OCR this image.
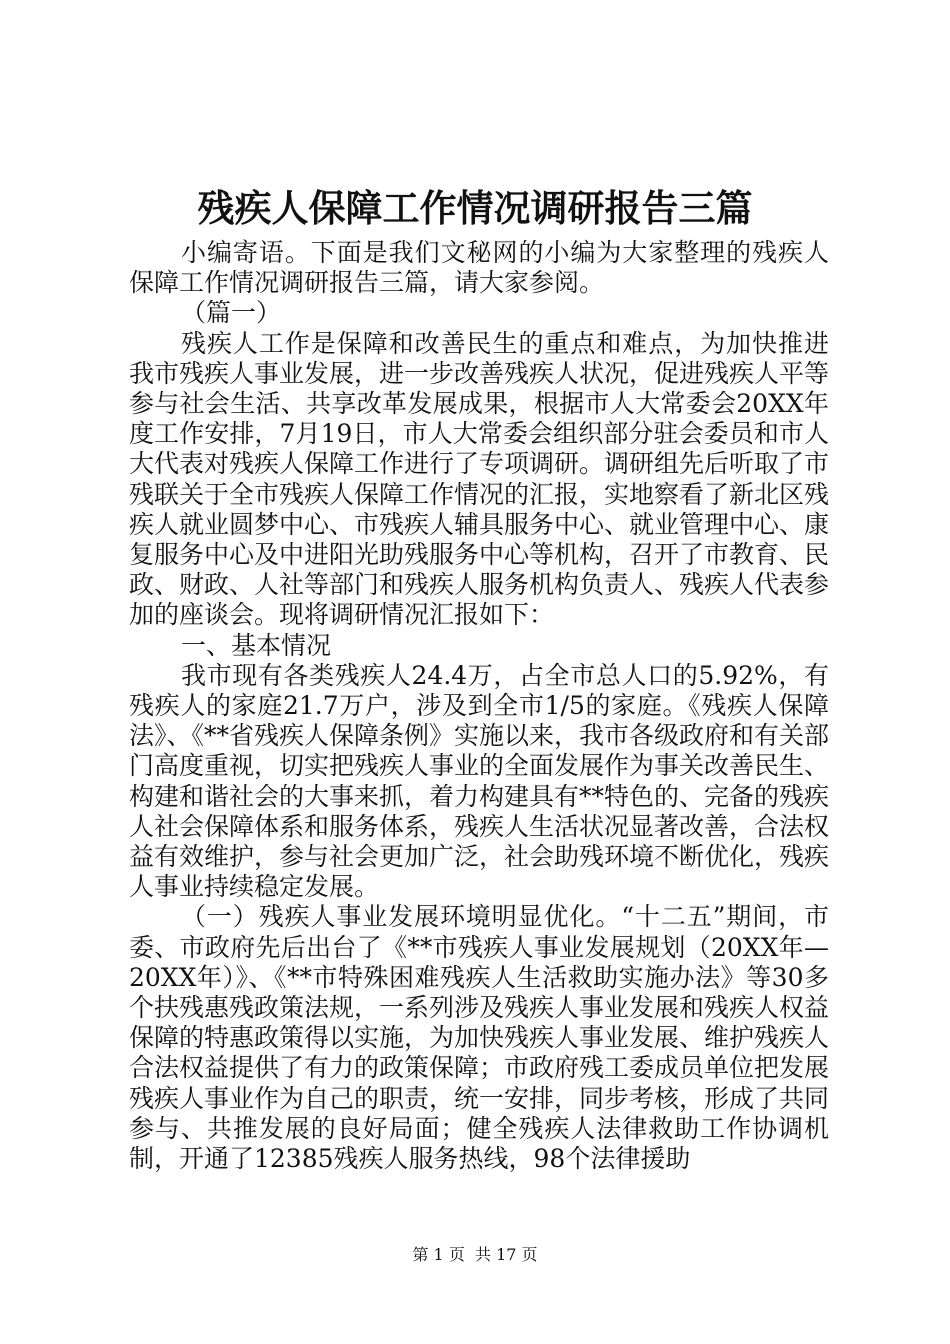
残疾人保障工作情况调研报告三篇

小编寄语。下面是我们文秘网的小编为大家整理的残疾人保障工作情况调研报告三篇，请大家参阅。

（篇一）

残疾人工作是保障和改善民生的重点和难点，为加快推进我市残疾人事业发展，进一步改善残疾人状况，促进残疾人平等参与社会生活、共享改革发展成果，根据市人大常委会20XX年度工作安排，7月19日，市人大常委会组织部分驻会委员和市人大代表对残疾人保障工作进行了专项调研。调研组先后听取了市残联关于全市残疾人保障工作情况的汇报，实地察看了新北区残疾人就业圆梦中心、市残疾人辅具服务中心、就业管理中心、康复服务中心及中进阳光助残服务中心等机构，召开了市教育、民政、财政、人社等部门和残疾人服务机构负责人、残疾人代表参加的座谈会。现将调研情况汇报如下：

一、基本情况

我市现有各类残疾人24.4万，占全市总人口的5.92%，有残疾人的家庭21.7万户，涉及到全市1/5的家庭。《残疾人保障法》、《**省残疾人保障条例》实施以来，我市各级政府和有关部门高度重视，切实把残疾人事业的全面发展作为事关改善民生、构建和谐社会的大事来抓，着力构建具有**特色的、完备的残疾人社会保障体系和服务体系，残疾人生活状况显著改善，合法权益有效维护，参与社会更加广泛，社会助残环境不断优化，残疾人事业持续稳定发展。

（一）残疾人事业发展环境明显优化。“十二五”期间，市委、市政府先后出台了《**市残疾人事业发展规划（20XX年—20XX年）》、《**市特殊困难残疾人生活救助实施办法》等30多个扶残惠残政策法规，一系列涉及残疾人事业发展和残疾人权益保障的特惠政策得以实施，为加快残疾人事业发展、维护残疾人合法权益提供了有力的政策保障；市政府残工委成员单位把发展残疾人事业作为自己的职责，统一安排，同步考核，形成了共同参与、共推发展的良好局面；健全残疾人法律救助工作协调机制，开通了12385残疾人服务热线，98个法律援助

第 1 页  共 17 页
